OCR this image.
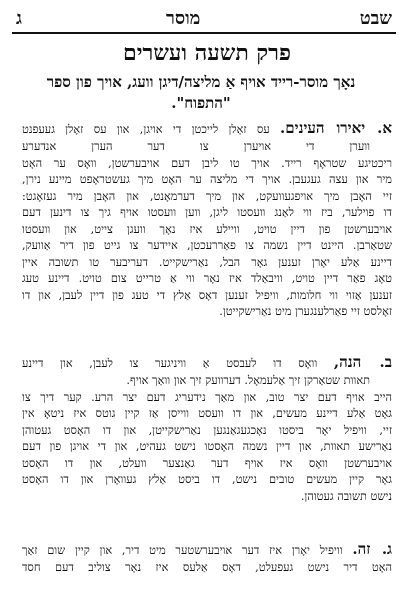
שבט
מוסר
ג
פרק תשעה ועשרים
נאָך מוסר-רייד אויף אַ מליצה/דיגן וועג, אויך פון ספר
"התפוח".
א. יאירו העינים. עס זאָלן לייכטן די אויגן, און עס זאָלן געעפנט
ווערן די אויערן צו דער הערן אנדערע
ריכטיגע שטראָף רייד. אויך טו ליבן דעם אויבערשטן, וואָס ער האָט
מיר און עצה געגעבן. אויך די מליצה ער האָט מיך געשטראָפט מיינע נירן,
זיי האָבן מיך אויפגעוועקט, און מיך דערמאָנט, און האָבן מיר געזאָגט:
דו פוילער, ביז ווי לאַנג װעסטו ליגן, ווען וועסטו אויף גיך צו דינען דעם
אויבערשטן פון דיין טויט, וויילע איז נאָך וועגן צייט, און וועסטו
שטאַרבן. היינט דיין נשמה צו פאַררעכטן, איידער צו גייט פון דיר אַוועק,
דיינע אַלע יאָרן זענען גאָר הבל, נאַרישקייט. דעריבער טו תשובה איין
טאָג פאַר דיין טויט, וויבאַלד איז נאָר ווי אַ טרייט צום טויט. דיינע טעג
זענען אַזוי ווי חלומות, וויפיל זענען דאָס אַלץ די טעג פון דיין לעבן, און דו
זאָלסט זיי פאַרלענגערן מיט נאַרישקייטן.
ב. הנה, וואָס דו לעבסט אַ וויניגער צו לעבן, און דיינע
תאוות שטאַרקן זיך אַלעמאָל. דערוועק זיך און וואַך אויף.
הייב אויף דעם יצר טוב, און מאַך נידעריג דעם יצר הרע. קער דיך צו
גאָט אַלע דיינע מעשים, און דו וועסט ווייסן אַז קיין גוטס איז ניטאָ אין
זיי, וויפיל יאָר ביסטו נאָכגעגאַנגען נאַרישקייטן, און דו האָסט געטוהן
נאַרישע תאוות, און דיין נשמה האָסטו נישט געהיט, און די אויגן פון דעם
אויבערשטן וואָס איז אויף דער גאַנצער וועלט, און דו האָסט
גאָר קיין מעשים טובים נישט, דו ביסט אַלץ געוואָרן און דו האָסט
נישט תשובה געטוהן.
ג. זה. וויפיל יאָרן איז דער אויבערשטער מיט דיר, און קיין שום זאַך
האָט דיר נישט געפעלט, דאָס אַלעס איז נאָר צוליב דעם חסד
